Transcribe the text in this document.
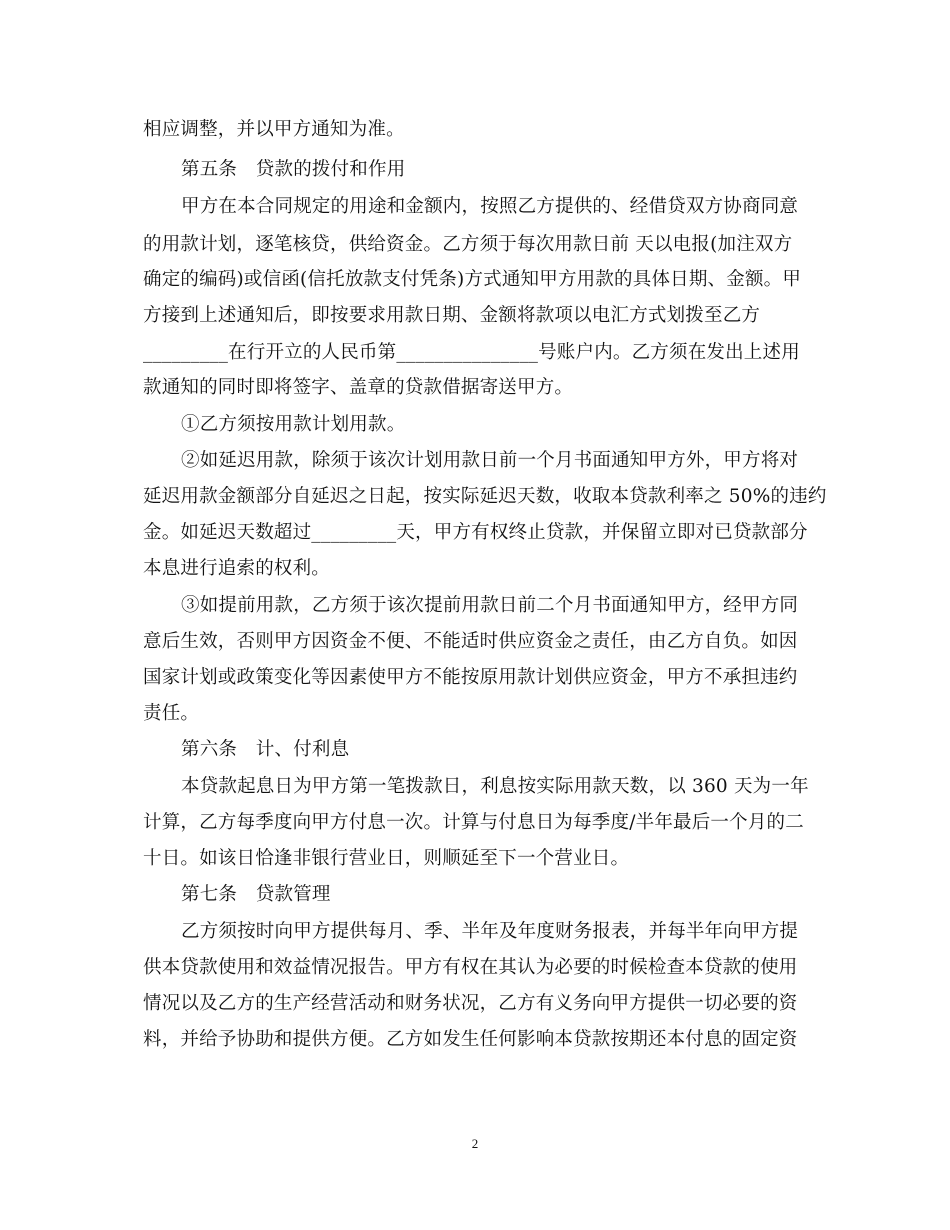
相应调整，并以甲方通知为准。
第五条　贷款的拨付和作用
甲方在本合同规定的用途和金额内，按照乙方提供的、经借贷双方协商同意
的用款计划，逐笔核贷，供给资金。乙方须于每次用款日前 天以电报(加注双方
确定的编码)或信函(信托放款支付凭条)方式通知甲方用款的具体日期、金额。甲
方接到上述通知后，即按要求用款日期、金额将款项以电汇方式划拨至乙方
_________在行开立的人民币第_______________号账户内。乙方须在发出上述用
款通知的同时即将签字、盖章的贷款借据寄送甲方。
①乙方须按用款计划用款。
②如延迟用款，除须于该次计划用款日前一个月书面通知甲方外，甲方将对
延迟用款金额部分自延迟之日起，按实际延迟天数，收取本贷款利率之 50%的违约
金。如延迟天数超过_________天，甲方有权终止贷款，并保留立即对已贷款部分
本息进行追索的权利。
③如提前用款，乙方须于该次提前用款日前二个月书面通知甲方，经甲方同
意后生效，否则甲方因资金不便、不能适时供应资金之责任，由乙方自负。如因
国家计划或政策变化等因素使甲方不能按原用款计划供应资金，甲方不承担违约
责任。
第六条　计、付利息
本贷款起息日为甲方第一笔拨款日，利息按实际用款天数，以 360 天为一年
计算，乙方每季度向甲方付息一次。计算与付息日为每季度/半年最后一个月的二
十日。如该日恰逢非银行营业日，则顺延至下一个营业日。
第七条　贷款管理
乙方须按时向甲方提供每月、季、半年及年度财务报表，并每半年向甲方提
供本贷款使用和效益情况报告。甲方有权在其认为必要的时候检查本贷款的使用
情况以及乙方的生产经营活动和财务状况，乙方有义务向甲方提供一切必要的资
料，并给予协助和提供方便。乙方如发生任何影响本贷款按期还本付息的固定资
2
